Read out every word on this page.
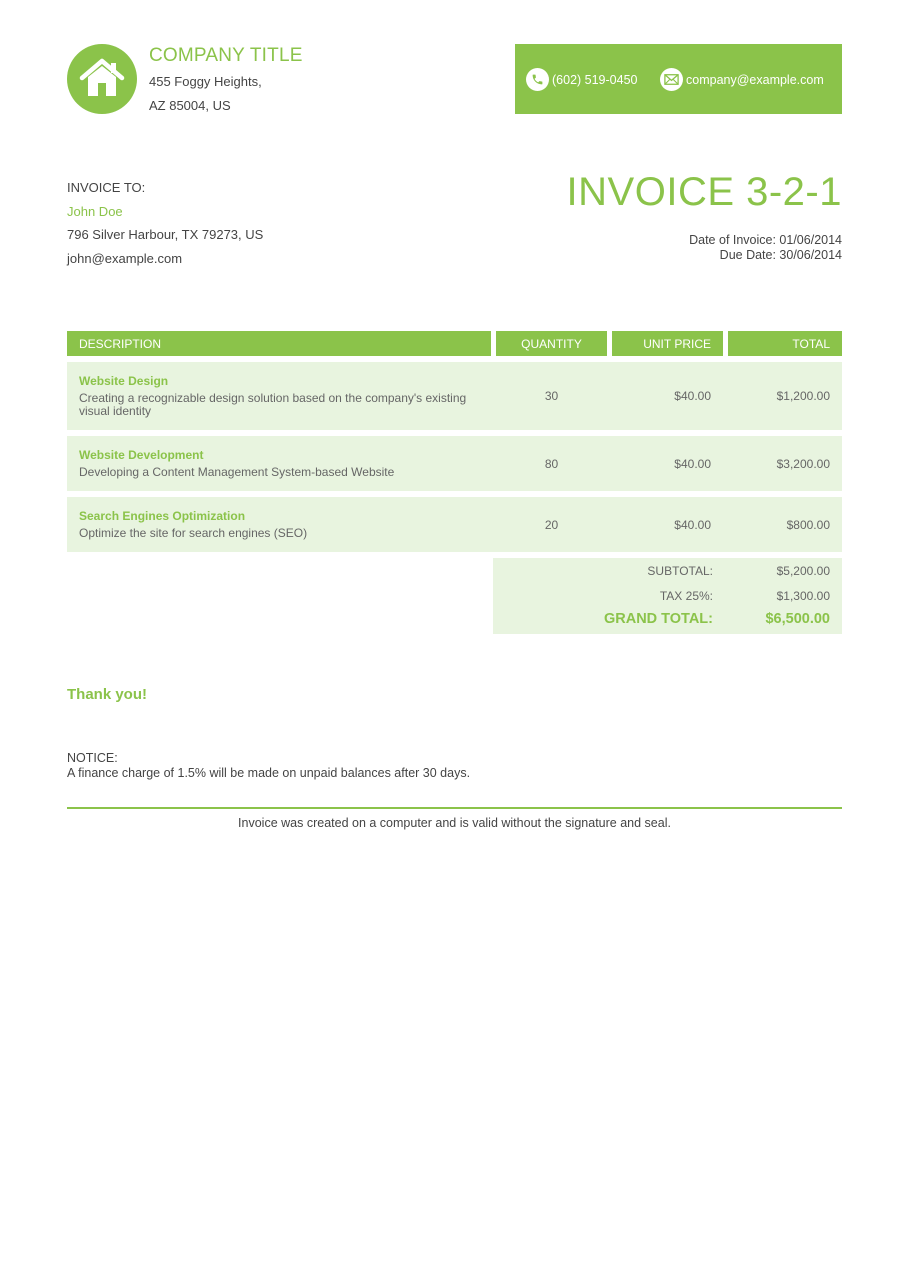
COMPANY TITLE
455 Foggy Heights,
AZ 85004, US
(602) 519-0450	company@example.com
INVOICE TO:
John Doe
796 Silver Harbour, TX 79273, US
john@example.com
INVOICE 3-2-1
Date of Invoice: 01/06/2014
Due Date: 30/06/2014
DESCRIPTION	QUANTITY	UNIT PRICE	TOTAL
Website Design
Creating a recognizable design solution based on the company's existing visual identity
30	$40.00	$1,200.00
Website Development
Developing a Content Management System-based Website
80	$40.00	$3,200.00
Search Engines Optimization
Optimize the site for search engines (SEO)
20	$40.00	$800.00
SUBTOTAL:	$5,200.00
TAX 25%:	$1,300.00
GRAND TOTAL:	$6,500.00
Thank you!
NOTICE:
A finance charge of 1.5% will be made on unpaid balances after 30 days.
Invoice was created on a computer and is valid without the signature and seal.
